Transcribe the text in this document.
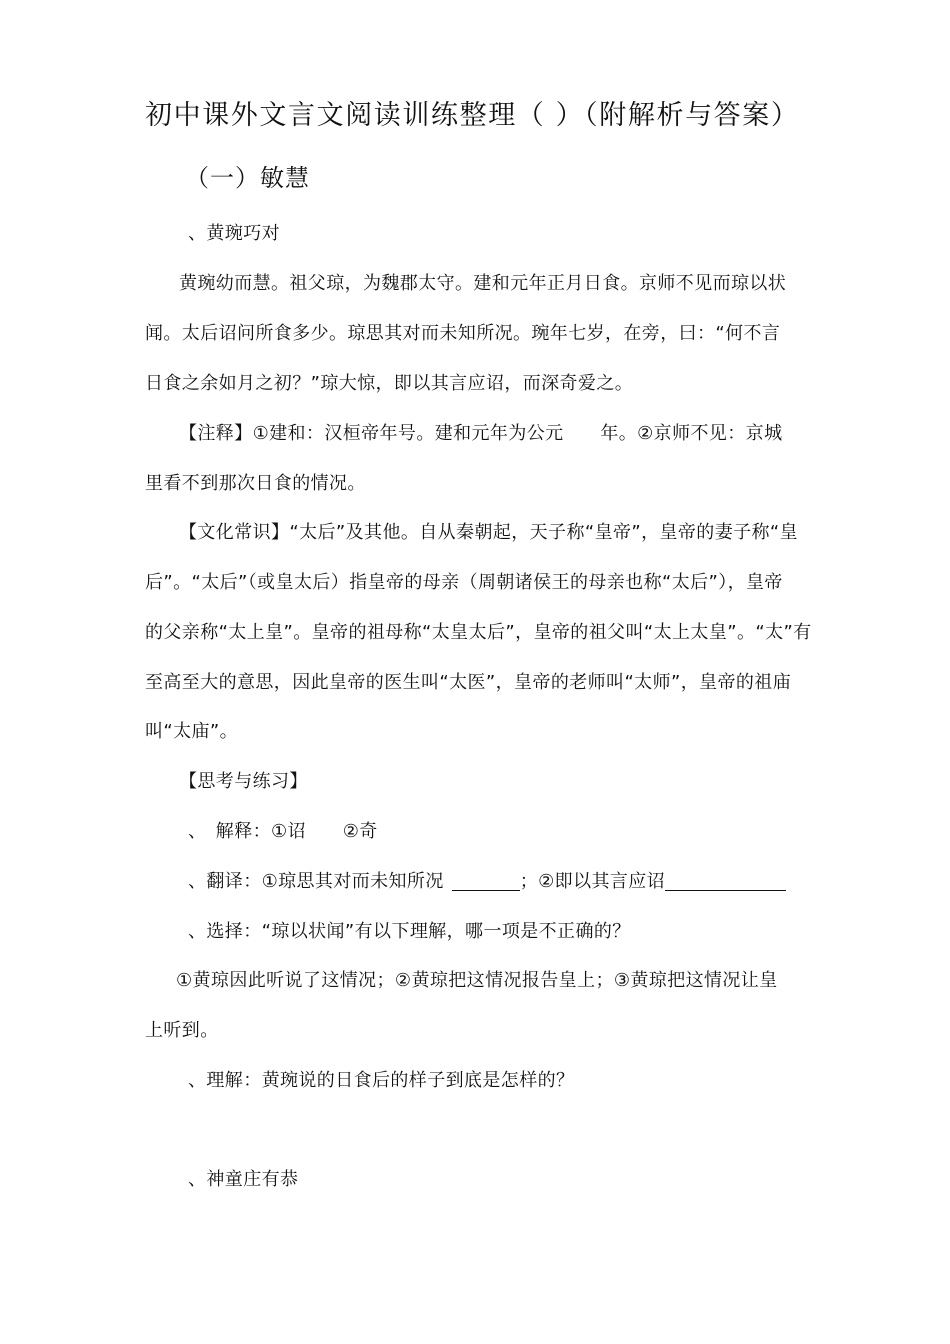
初中课外文言文阅读训练整理（ ）（附解析与答案）
（一）敏慧
、黄琬巧对
黄琬幼而慧。祖父琼，为魏郡太守。建和元年正月日食。京师不见而琼以状
闻。太后诏问所食多少。琼思其对而未知所况。琬年七岁，在旁，曰：“何不言
日食之余如月之初？”琼大惊，即以其言应诏，而深奇爱之。
【注释】①建和：汉桓帝年号。建和元年为公元　　年。②京师不见：京城
里看不到那次日食的情况。
【文化常识】“太后”及其他。自从秦朝起，天子称“皇帝”，皇帝的妻子称“皇
后”。“太后”（或皇太后）指皇帝的母亲（周朝诸侯王的母亲也称“太后”），皇帝
的父亲称“太上皇”。皇帝的祖母称“太皇太后”，皇帝的祖父叫“太上太皇”。“太”有
至高至大的意思，因此皇帝的医生叫“太医”，皇帝的老师叫“太师”，皇帝的祖庙
叫“太庙”。
【思考与练习】
、　解释：①诏　　②奇
、翻译：①琼思其对而未知所况	；②即以其言应诏
、选择：“琼以状闻”有以下理解，哪一项是不正确的？
①黄琼因此听说了这情况；②黄琼把这情况报告皇上；③黄琼把这情况让皇
上听到。
、理解：黄琬说的日食后的样子到底是怎样的？
、神童庄有恭
